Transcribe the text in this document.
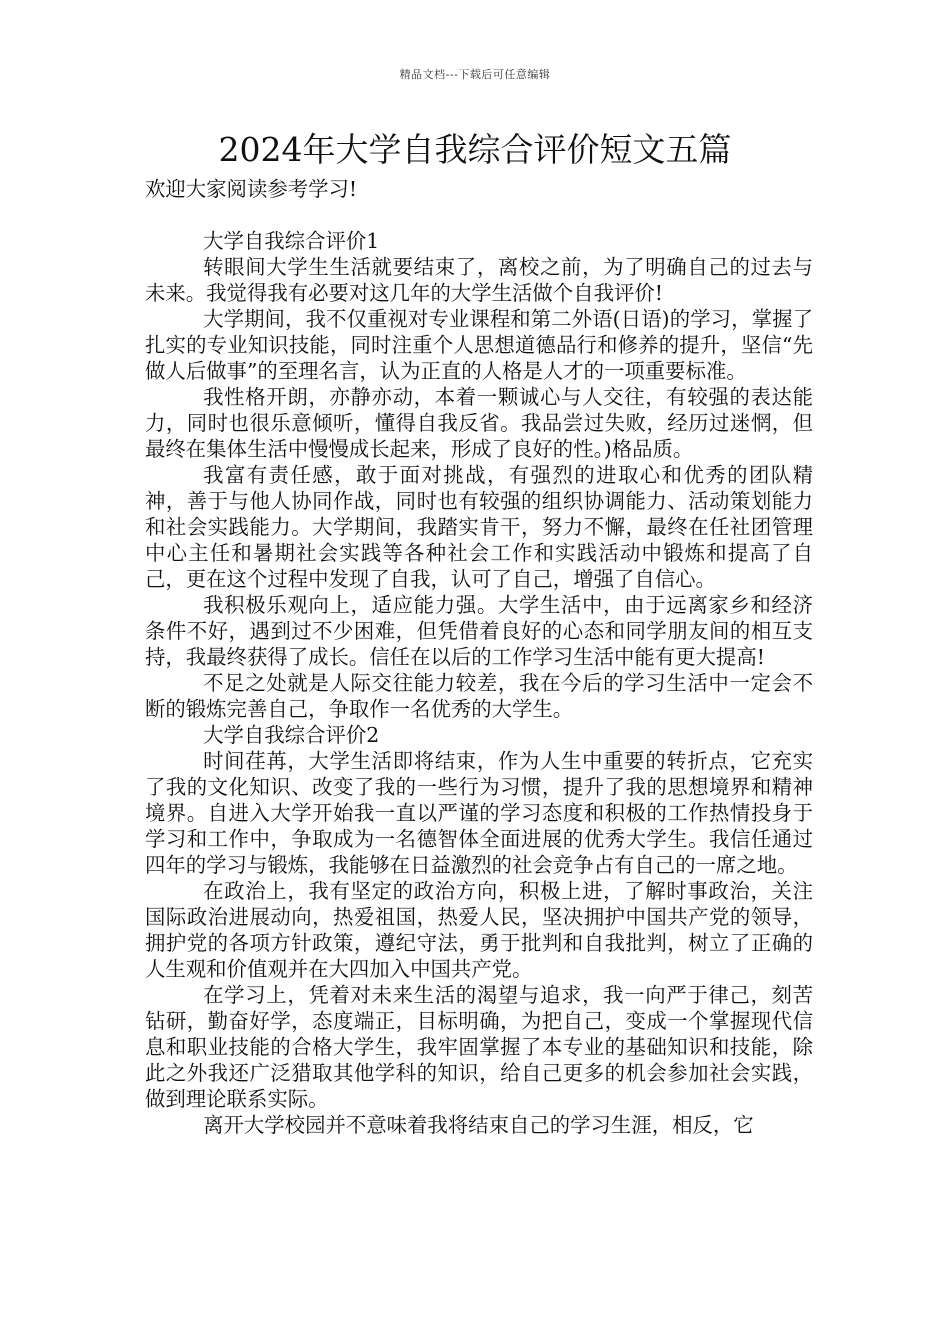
精品文档---下载后可任意编辑
2024年大学自我综合评价短文五篇

欢迎大家阅读参考学习!

大学自我综合评价1

转眼间大学生生活就要结束了，离校之前，为了明确自己的过去与未来。我觉得我有必要对这几年的大学生活做个自我评价!

大学期间，我不仅重视对专业课程和第二外语(日语)的学习，掌握了扎实的专业知识技能，同时注重个人思想道德品行和修养的提升，坚信“先做人后做事”的至理名言，认为正直的人格是人才的一项重要标准。

我性格开朗，亦静亦动，本着一颗诚心与人交往，有较强的表达能力，同时也很乐意倾听，懂得自我反省。我品尝过失败，经历过迷惘，但最终在集体生活中慢慢成长起来，形成了良好的性。)格品质。

我富有责任感，敢于面对挑战，有强烈的进取心和优秀的团队精神，善于与他人协同作战，同时也有较强的组织协调能力、活动策划能力和社会实践能力。大学期间，我踏实肯干，努力不懈，最终在任社团管理中心主任和暑期社会实践等各种社会工作和实践活动中锻炼和提高了自己，更在这个过程中发现了自我，认可了自己，增强了自信心。

我积极乐观向上，适应能力强。大学生活中，由于远离家乡和经济条件不好，遇到过不少困难，但凭借着良好的心态和同学朋友间的相互支持，我最终获得了成长。信任在以后的工作学习生活中能有更大提高!

不足之处就是人际交往能力较差，我在今后的学习生活中一定会不断的锻炼完善自己，争取作一名优秀的大学生。

大学自我综合评价2

时间荏苒，大学生活即将结束，作为人生中重要的转折点，它充实了我的文化知识、改变了我的一些行为习惯，提升了我的思想境界和精神境界。自进入大学开始我一直以严谨的学习态度和积极的工作热情投身于学习和工作中，争取成为一名德智体全面进展的优秀大学生。我信任通过四年的学习与锻炼，我能够在日益激烈的社会竞争占有自己的一席之地。

在政治上，我有坚定的政治方向，积极上进，了解时事政治，关注国际政治进展动向，热爱祖国，热爱人民，坚决拥护中国共产党的领导，拥护党的各项方针政策，遵纪守法，勇于批判和自我批判，树立了正确的人生观和价值观并在大四加入中国共产党。

在学习上，凭着对未来生活的渴望与追求，我一向严于律己，刻苦钻研，勤奋好学，态度端正，目标明确，为把自己，变成一个掌握现代信息和职业技能的合格大学生，我牢固掌握了本专业的基础知识和技能，除此之外我还广泛猎取其他学科的知识，给自己更多的机会参加社会实践，做到理论联系实际。

离开大学校园并不意味着我将结束自己的学习生涯，相反，它
